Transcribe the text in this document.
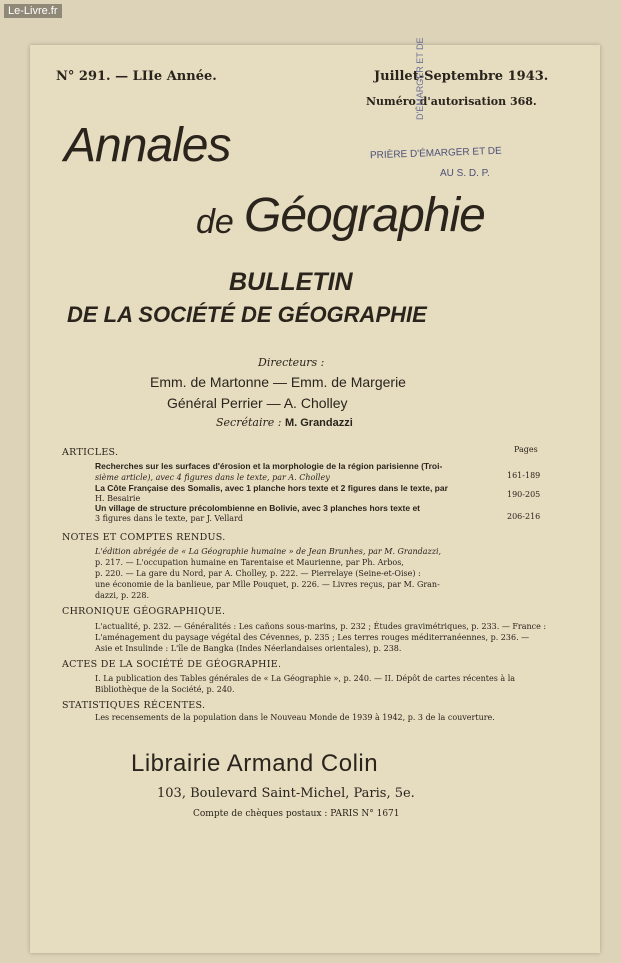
Le-Livre.fr
N° 291. — LIIe Année.	Juillet-Septembre 1943.
Numéro d'autorisation 368.
PRIÈRE D'ÉMARGER ET DE
AU S. D. P.
D'ÉMARGER ET DE
Annales
de Géographie
BULLETIN
DE LA SOCIÉTÉ DE GÉOGRAPHIE
Directeurs :
Emm. de Martonne — Emm. de Margerie
Général Perrier — A. Cholley
Secrétaire : M. Grandazzi
ARTICLES.	Pages
Recherches sur les surfaces d'érosion et la morphologie de la région parisienne (Troi-
sième article), avec 4 figures dans le texte, par A. Cholley	161-189
La Côte Française des Somalis, avec 1 planche hors texte et 2 figures dans le texte, par
H. Besairie	190-205
Un village de structure précolombienne en Bolivie, avec 3 planches hors texte et
3 figures dans le texte, par J. Vellard	206-216
NOTES ET COMPTES RENDUS.
L'édition abrégée de « La Géographie humaine » de Jean Brunhes, par M. Grandazzi,
p. 217. — L'occupation humaine en Tarentaise et Maurienne, par Ph. Arbos,
p. 220. — La gare du Nord, par A. Cholley, p. 222. — Pierrelaye (Seine-et-Oise) :
une économie de la banlieue, par Mlle Pouquet, p. 226. — Livres reçus, par M. Gran-
dazzi, p. 228.
CHRONIQUE GÉOGRAPHIQUE.
L'actualité, p. 232. — Généralités : Les cañons sous-marins, p. 232 ; Études gravimétriques, p. 233. — France :
L'aménagement du paysage végétal des Cévennes, p. 235 ; Les terres rouges méditerranéennes, p. 236. —
Asie et Insulinde : L'île de Bangka (Indes Néerlandaises orientales), p. 238.
ACTES DE LA SOCIÉTÉ DE GÉOGRAPHIE.
I. La publication des Tables générales de « La Géographie », p. 240. — II. Dépôt de cartes récentes à la
Bibliothèque de la Société, p. 240.
STATISTIQUES RÉCENTES.
Les recensements de la population dans le Nouveau Monde de 1939 à 1942, p. 3 de la couverture.
Librairie Armand Colin
103, Boulevard Saint-Michel, Paris, 5e.
Compte de chèques postaux : PARIS N° 1671
